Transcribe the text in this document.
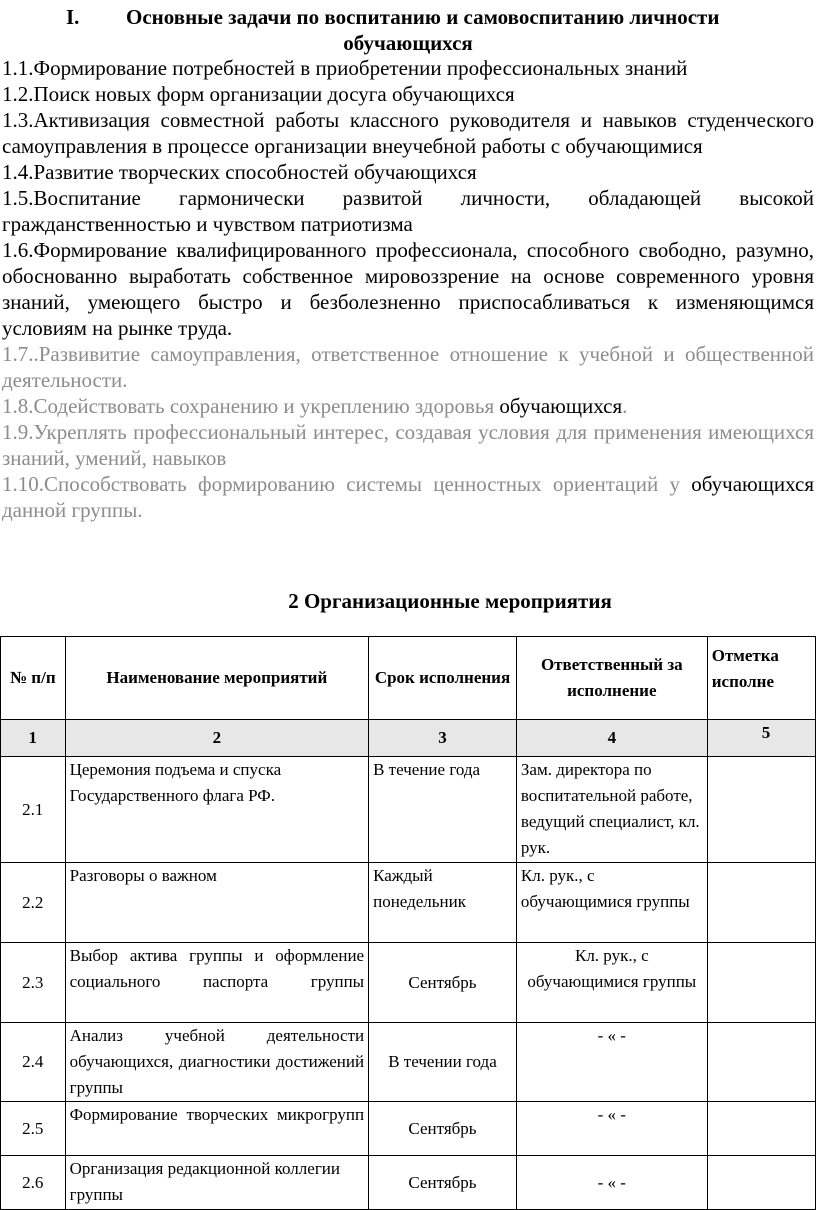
I. Основные задачи по воспитанию и самовоспитанию личности
обучающихся

1.1.Формирование потребностей в приобретении профессиональных знаний

1.2.Поиск новых форм организации досуга обучающихся

1.3.Активизация совместной работы классного руководителя и навыков студенческого самоуправления в процессе организации внеучебной работы с обучающимися

1.4.Развитие творческих способностей обучающихся

1.5.Воспитание гармонически развитой личности, обладающей высокой гражданственностью и чувством патриотизма

1.6.Формирование квалифицированного профессионала, способного свободно, разумно, обоснованно выработать собственное мировоззрение на основе современного уровня знаний, умеющего быстро и безболезненно приспосабливаться к изменяющимся условиям на рынке труда.

1.7..Развивитие самоуправления, ответственное отношение к учебной и общественной деятельности.

1.8.Содействовать сохранению и укреплению здоровья обучающихся.

1.9.Укреплять профессиональный интерес, создавая условия для применения имеющихся знаний, умений, навыков

1.10.Способствовать формированию системы ценностных ориентаций у обучающихся данной группы.

2 Организационные мероприятия
№ п/п	Наименование мероприятий	Срок исполнения	Ответственный за исполнение	Отметка исполне

1	2	3	4	5
2.1	Церемония подъема и спуска Государственного флага РФ.	В течение года	Зам. директора по воспитательной работе, ведущий специалист, кл. рук.	
2.2	Разговоры о важном	Каждый понедельник	Кл. рук., с обучающимися группы	
2.3	Выбор актива группы и оформление социального паспорта группы	Сентябрь	Кл. рук., с обучающимися группы	
2.4	Анализ учебной деятельности обучающихся, диагностики достижений группы	В течении года	- « -	
2.5	Формирование творческих микрогрупп	Сентябрь	- « -	
2.6	Организация редакционной коллегии группы	Сентябрь	- « -	
